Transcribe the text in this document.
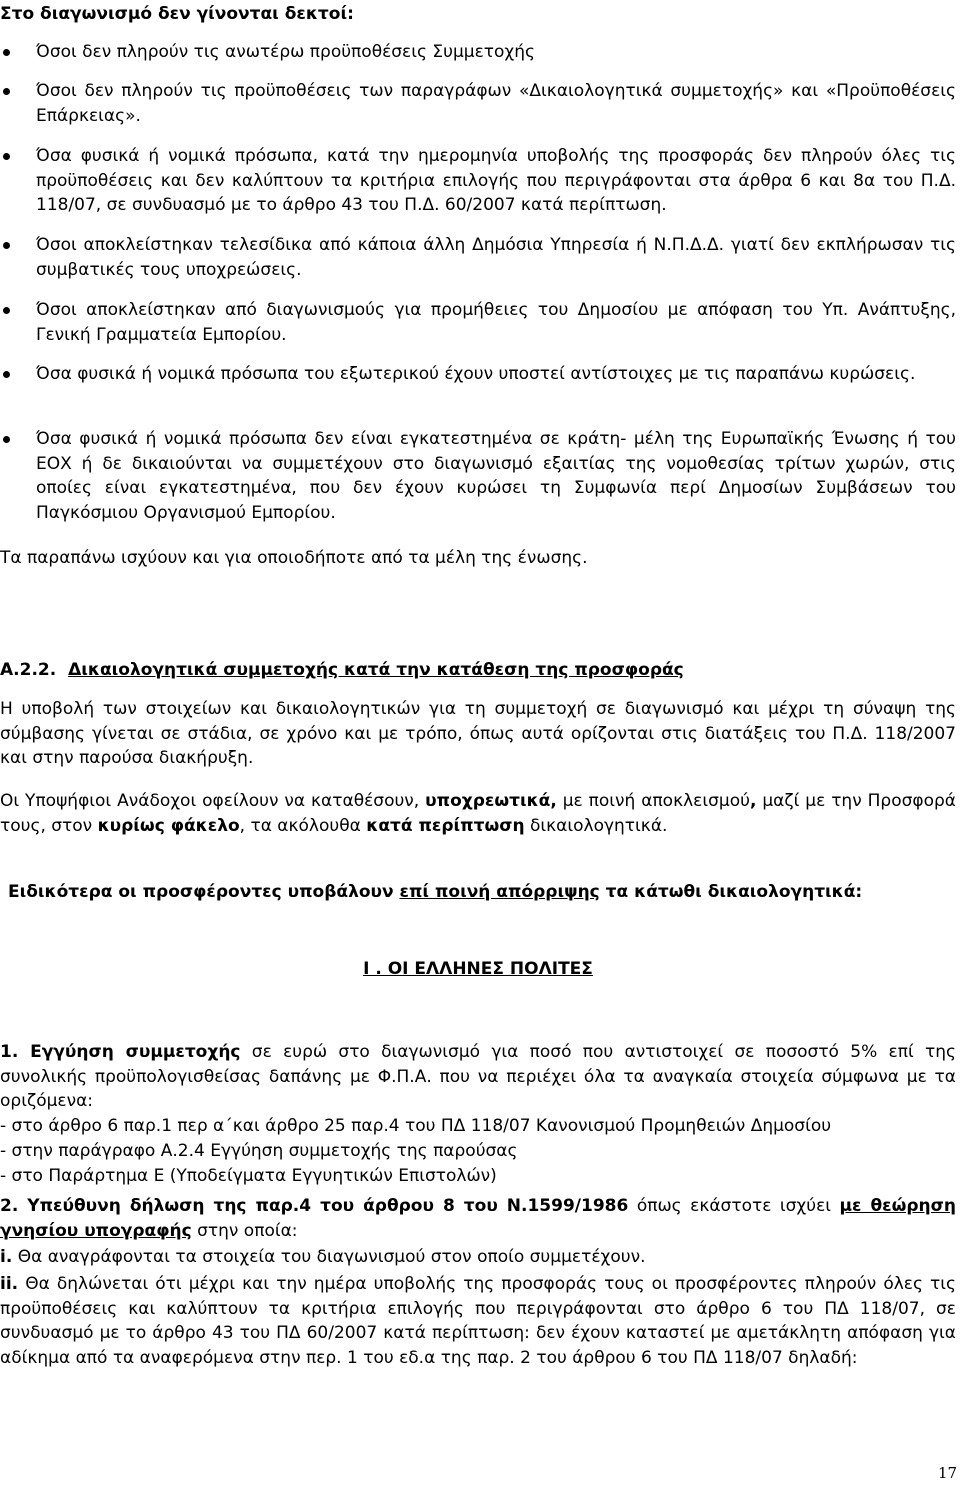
Στο διαγωνισμό δεν γίνονται δεκτοί:
Όσοι δεν πληρούν τις ανωτέρω προϋποθέσεις Συμμετοχής
Όσοι δεν πληρούν τις προϋποθέσεις των παραγράφων «Δικαιολογητικά συμμετοχής» και «Προϋποθέσεις Επάρκειας».
Όσα φυσικά ή νομικά πρόσωπα, κατά την ημερομηνία υποβολής της προσφοράς δεν πληρούν όλες τις προϋποθέσεις και δεν καλύπτουν τα κριτήρια επιλογής που περιγράφονται στα άρθρα 6 και 8α του Π.Δ. 118/07, σε συνδυασμό με το άρθρο 43 του Π.Δ. 60/2007 κατά περίπτωση.
Όσοι αποκλείστηκαν τελεσίδικα από κάποια άλλη Δημόσια Υπηρεσία ή Ν.Π.Δ.Δ. γιατί δεν εκπλήρωσαν τις συμβατικές τους υποχρεώσεις.
Όσοι αποκλείστηκαν από διαγωνισμούς για προμήθειες του Δημοσίου με απόφαση του Υπ. Ανάπτυξης, Γενική Γραμματεία Εμπορίου.
Όσα φυσικά ή νομικά πρόσωπα του εξωτερικού έχουν υποστεί αντίστοιχες με τις παραπάνω κυρώσεις.
Όσα φυσικά ή νομικά πρόσωπα δεν είναι εγκατεστημένα σε κράτη- μέλη της Ευρωπαϊκής Ένωσης ή του ΕΟΧ ή δε δικαιούνται να συμμετέχουν στο διαγωνισμό εξαιτίας της νομοθεσίας τρίτων χωρών, στις οποίες είναι εγκατεστημένα, που δεν έχουν κυρώσει τη Συμφωνία περί Δημοσίων Συμβάσεων του Παγκόσμιου Οργανισμού Εμπορίου.
Τα παραπάνω ισχύουν και για οποιοδήποτε από τα μέλη της ένωσης.
Α.2.2. Δικαιολογητικά συμμετοχής κατά την κατάθεση της προσφοράς
Η υποβολή των στοιχείων και δικαιολογητικών για τη συμμετοχή σε διαγωνισμό και μέχρι τη σύναψη της σύμβασης γίνεται σε στάδια, σε χρόνο και με τρόπο, όπως αυτά ορίζονται στις διατάξεις του Π.Δ. 118/2007 και στην παρούσα διακήρυξη.
Οι Υποψήφιοι Ανάδοχοι οφείλουν να καταθέσουν, υποχρεωτικά, με ποινή αποκλεισμού, μαζί με την Προσφορά τους, στον κυρίως φάκελο, τα ακόλουθα κατά περίπτωση δικαιολογητικά.
Ειδικότερα οι προσφέροντες υποβάλουν επί ποινή απόρριψης τα κάτωθι δικαιολογητικά:
Ι . ΟΙ ΕΛΛΗΝΕΣ ΠΟΛΙΤΕΣ
1. Εγγύηση συμμετοχής σε ευρώ στο διαγωνισμό για ποσό που αντιστοιχεί σε ποσοστό 5% επί της συνολικής προϋπολογισθείσας δαπάνης με Φ.Π.Α. που να περιέχει όλα τα αναγκαία στοιχεία σύμφωνα με τα οριζόμενα:
- στο άρθρο 6 παρ.1 περ α΄και άρθρο 25 παρ.4 του ΠΔ 118/07 Κανονισμού Προμηθειών Δημοσίου
- στην παράγραφο Α.2.4 Εγγύηση συμμετοχής της παρούσας
- στο Παράρτημα Ε (Υποδείγματα Εγγυητικών Επιστολών)
2. Υπεύθυνη δήλωση της παρ.4 του άρθρου 8 του Ν.1599/1986 όπως εκάστοτε ισχύει με θεώρηση γνησίου υπογραφής στην οποία:
i. Θα αναγράφονται τα στοιχεία του διαγωνισμού στον οποίο συμμετέχουν.
ii. Θα δηλώνεται ότι μέχρι και την ημέρα υποβολής της προσφοράς τους οι προσφέροντες πληρούν όλες τις προϋποθέσεις και καλύπτουν τα κριτήρια επιλογής που περιγράφονται στο άρθρο 6 του ΠΔ 118/07, σε συνδυασμό με το άρθρο 43 του ΠΔ 60/2007 κατά περίπτωση: δεν έχουν καταστεί με αμετάκλητη απόφαση για αδίκημα από τα αναφερόμενα στην περ. 1 του εδ.α της παρ. 2 του άρθρου 6 του ΠΔ 118/07 δηλαδή:
17
